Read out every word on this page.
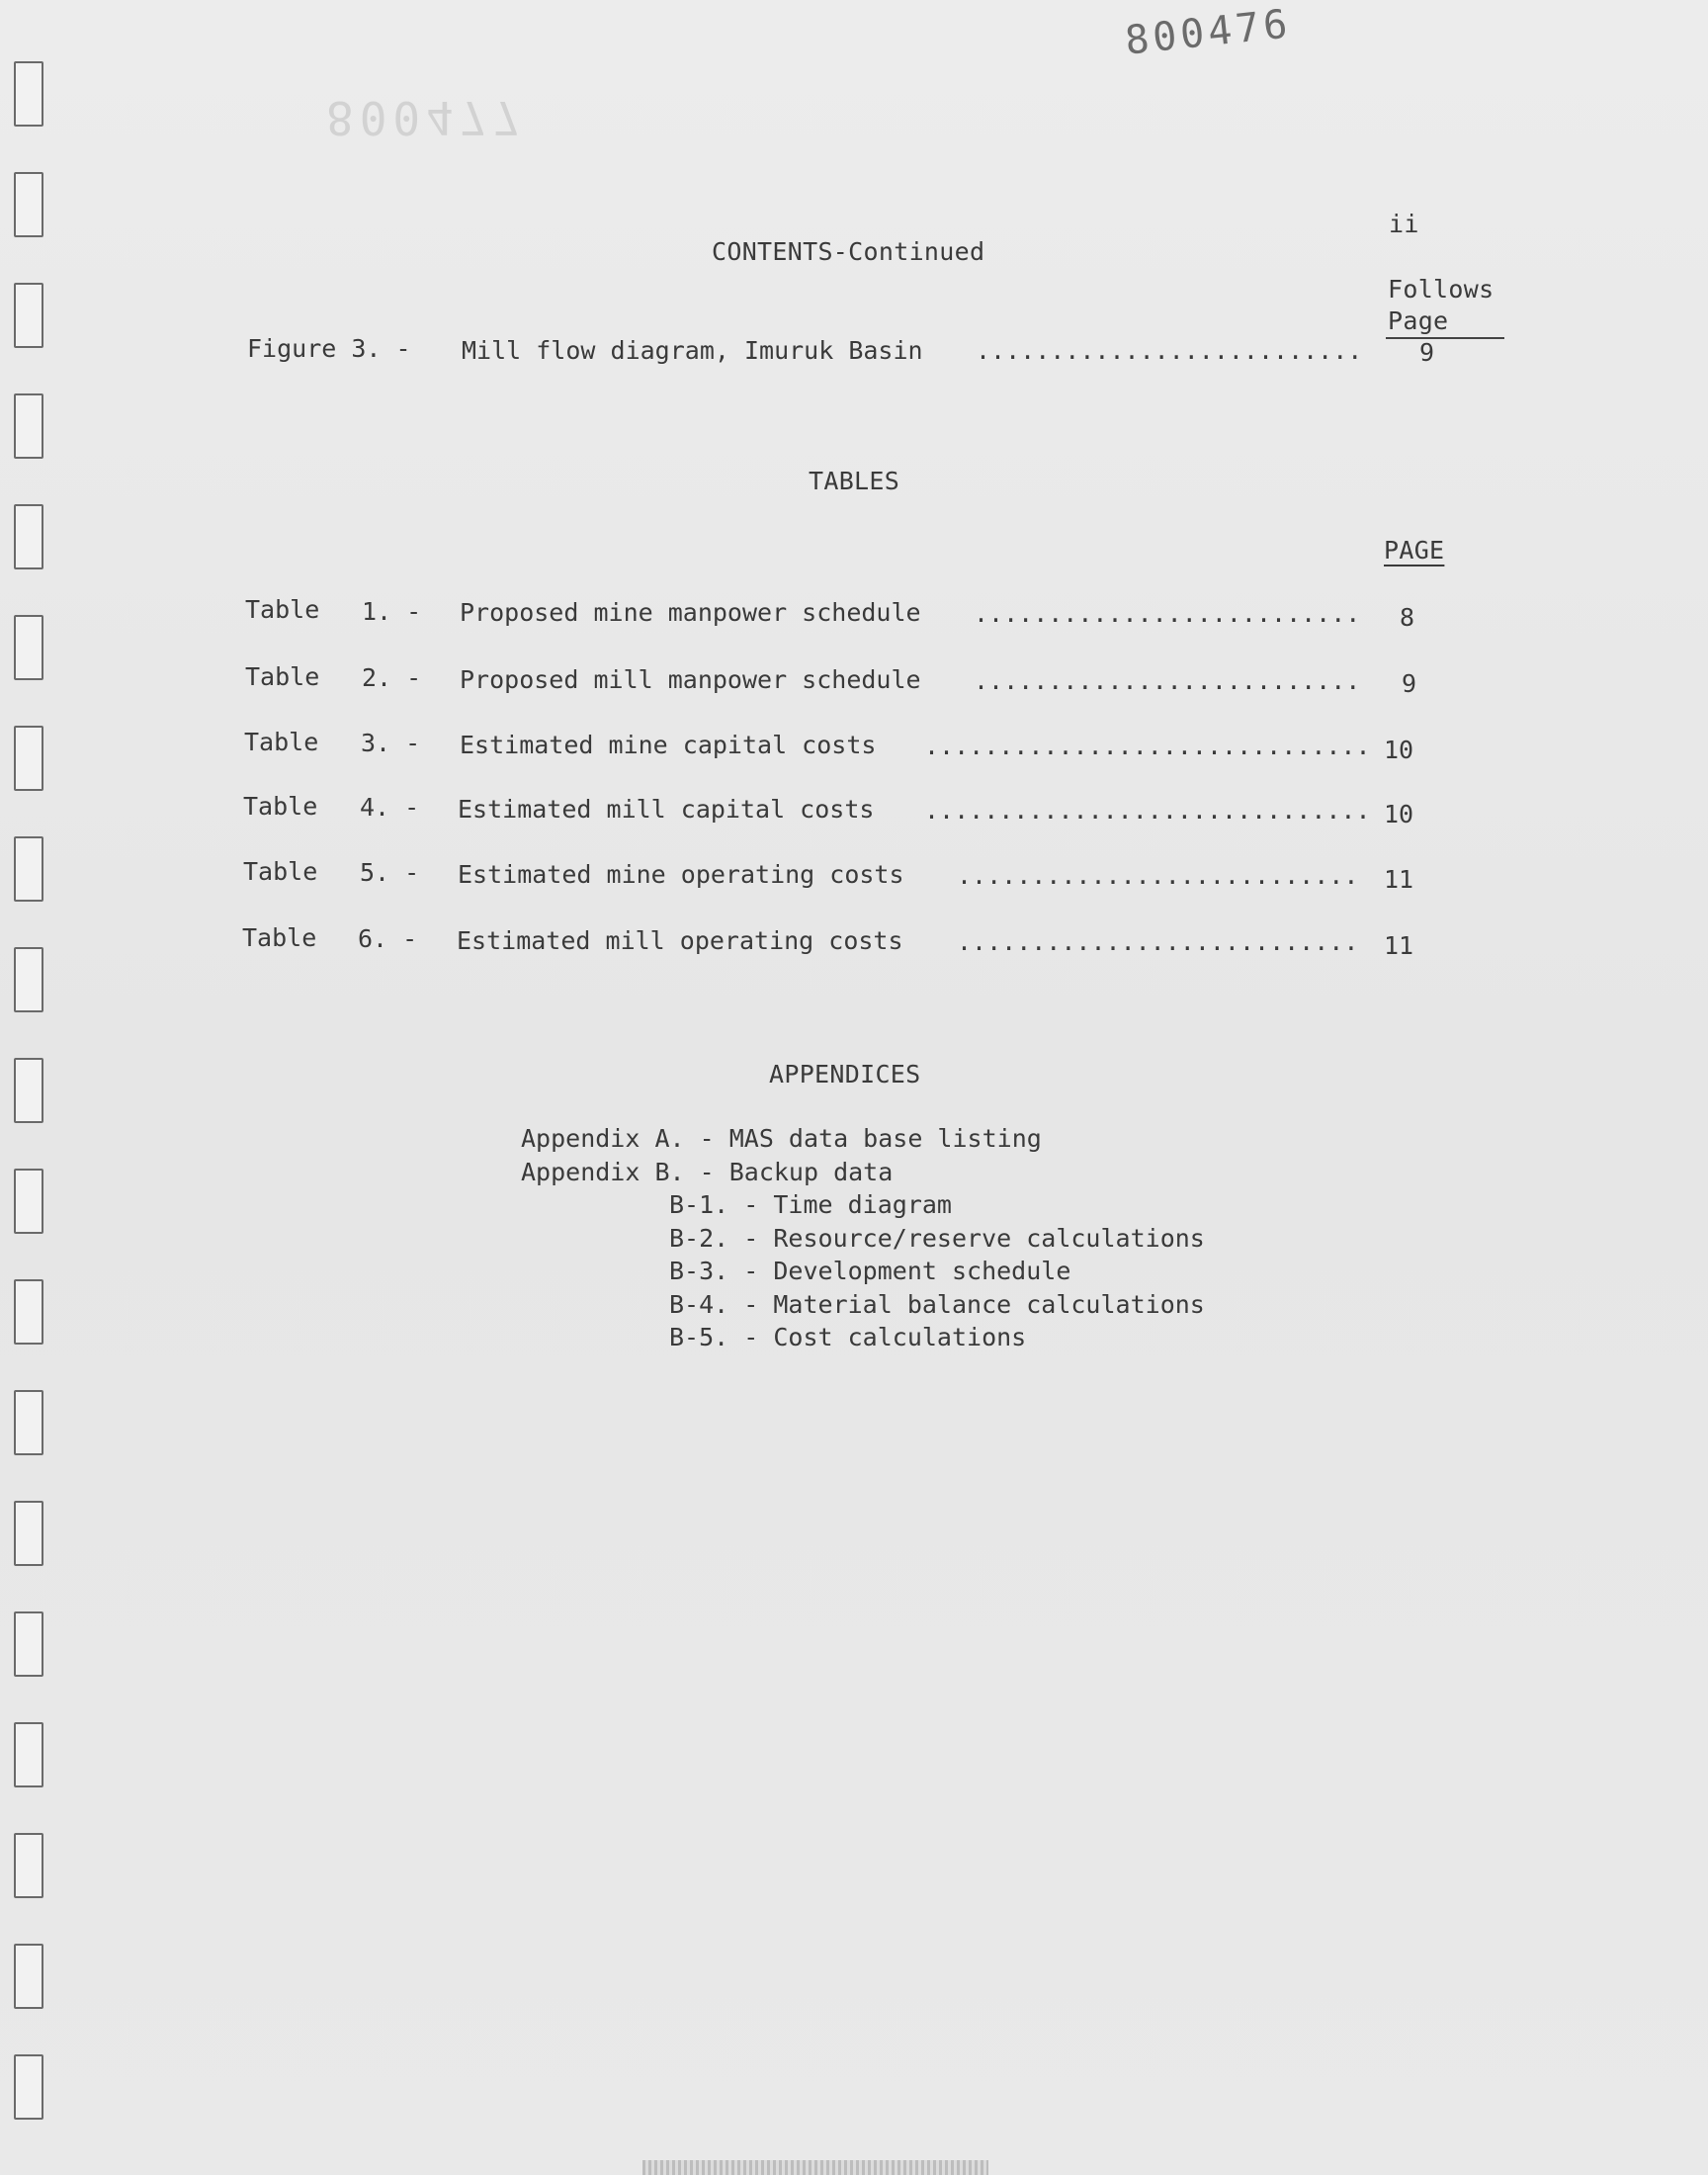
800476
800477
ii
CONTENTS-Continued
Follows
Page
Figure 3. - Mill flow diagram, Imuruk Basin .......................... 9
TABLES
PAGE
Table 1. - Proposed mine manpower schedule .......................... 8
Table 2. - Proposed mill manpower schedule .......................... 9
Table 3. - Estimated mine capital costs .............................. 10
Table 4. - Estimated mill capital costs .............................. 10
Table 5. - Estimated mine operating costs ........................... 11
Table 6. - Estimated mill operating costs ........................... 11
APPENDICES
Appendix A. - MAS data base listing
Appendix B. - Backup data
B-1. - Time diagram
B-2. - Resource/reserve calculations
B-3. - Development schedule
B-4. - Material balance calculations
B-5. - Cost calculations
